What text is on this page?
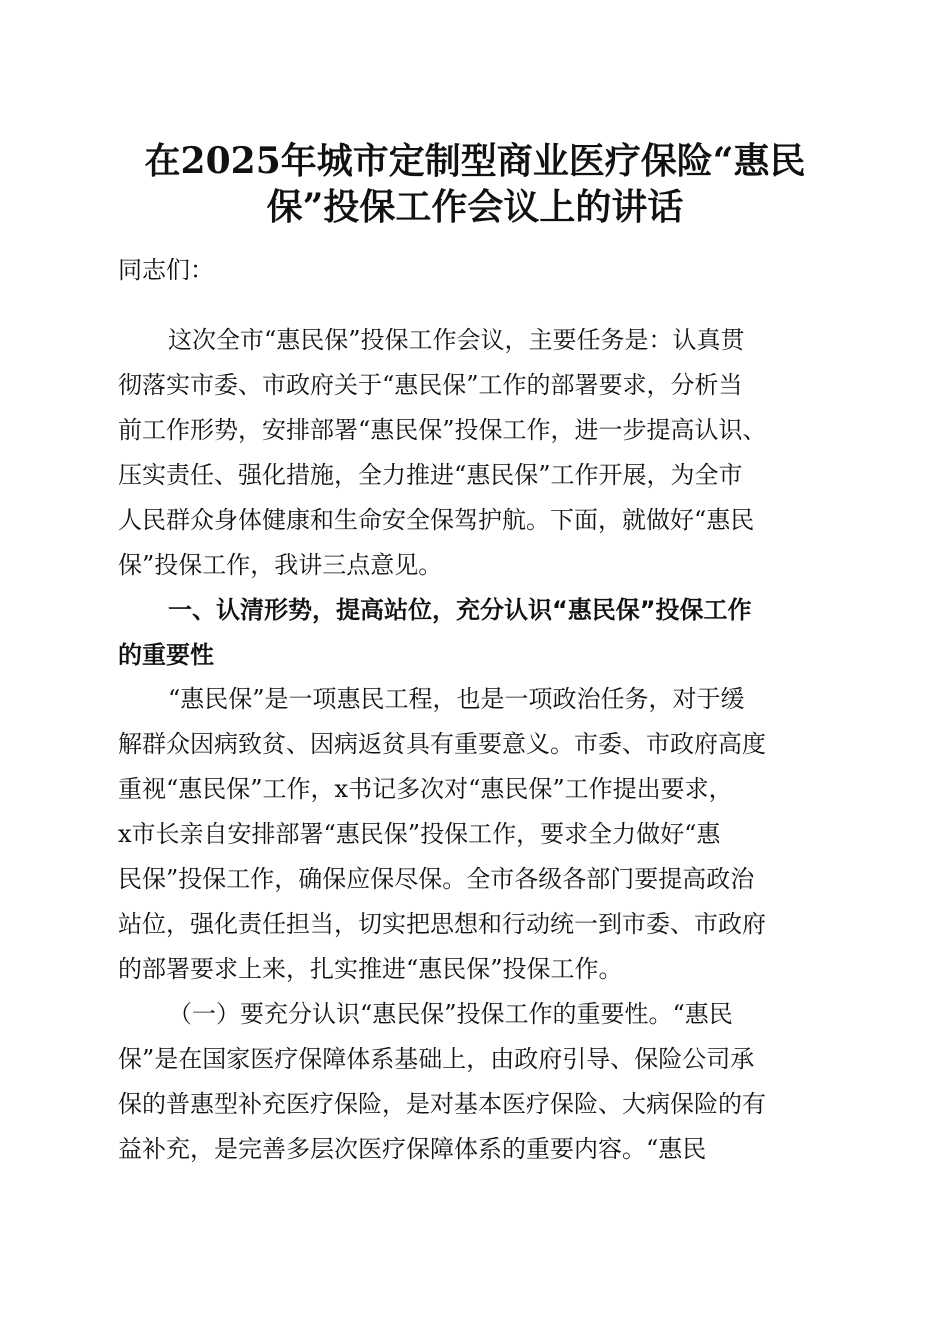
在2025年城市定制型商业医疗保险“惠民
保”投保工作会议上的讲话

同志们：

这次全市“惠民保”投保工作会议，主要任务是：认真贯

彻落实市委、市政府关于“惠民保”工作的部署要求，分析当

前工作形势，安排部署“惠民保”投保工作，进一步提高认识、

压实责任、强化措施，全力推进“惠民保”工作开展，为全市

人民群众身体健康和生命安全保驾护航。下面，就做好“惠民

保”投保工作，我讲三点意见。

一、认清形势，提高站位，充分认识“惠民保”投保工作

的重要性

“惠民保”是一项惠民工程，也是一项政治任务，对于缓

解群众因病致贫、因病返贫具有重要意义。市委、市政府高度

重视“惠民保”工作，x书记多次对“惠民保”工作提出要求，

x市长亲自安排部署“惠民保”投保工作，要求全力做好“惠

民保”投保工作，确保应保尽保。全市各级各部门要提高政治

站位，强化责任担当，切实把思想和行动统一到市委、市政府

的部署要求上来，扎实推进“惠民保”投保工作。

（一）要充分认识“惠民保”投保工作的重要性。“惠民

保”是在国家医疗保障体系基础上，由政府引导、保险公司承

保的普惠型补充医疗保险，是对基本医疗保险、大病保险的有

益补充，是完善多层次医疗保障体系的重要内容。“惠民
